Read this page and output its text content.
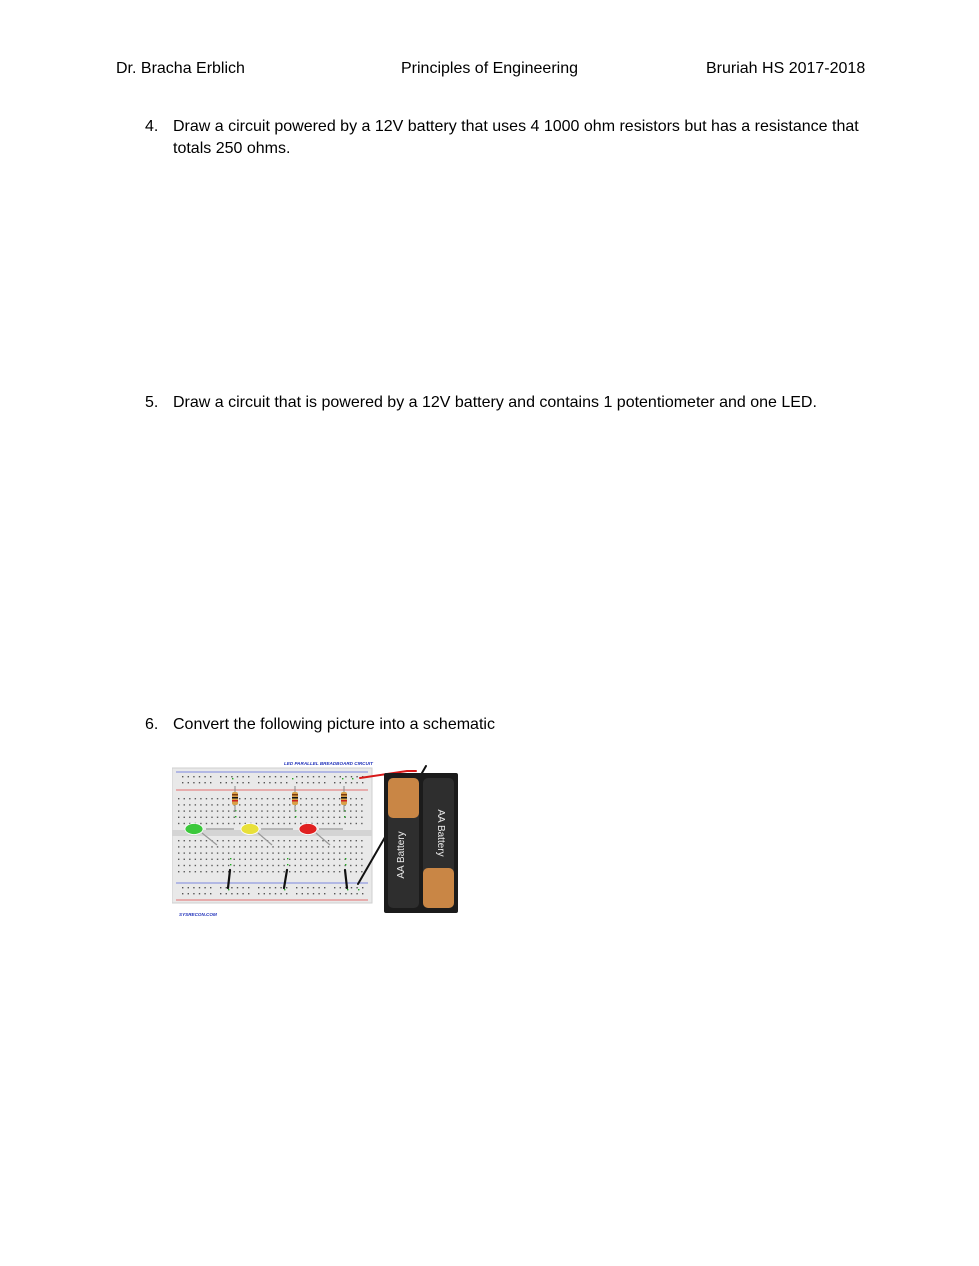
Dr. Bracha Erblich	Principles of Engineering	Bruriah HS 2017-2018
4. Draw a circuit powered by a 12V battery that uses 4 1000 ohm resistors but has a resistance that totals 250 ohms.
5. Draw a circuit that is powered by a 12V battery and contains 1 potentiometer and one LED.
6. Convert the following picture into a schematic
LED PARALLEL BREADBOARD CIRCUIT
AA Battery	AA Battery
SYSRECON.COM
